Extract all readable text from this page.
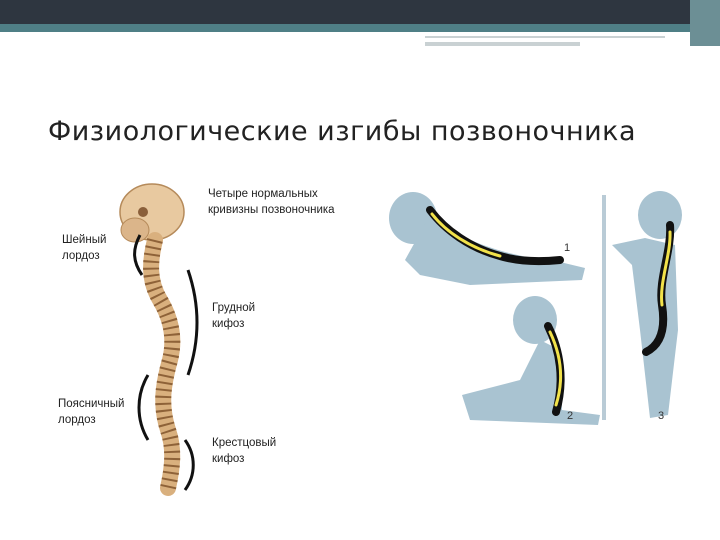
Физиологические изгибы позвоночника
Четыре нормальных
кривизны позвоночника
Шейный
лордоз
Грудной
кифоз
Поясничный
лордоз
Крестцовый
кифоз
1
2	3
